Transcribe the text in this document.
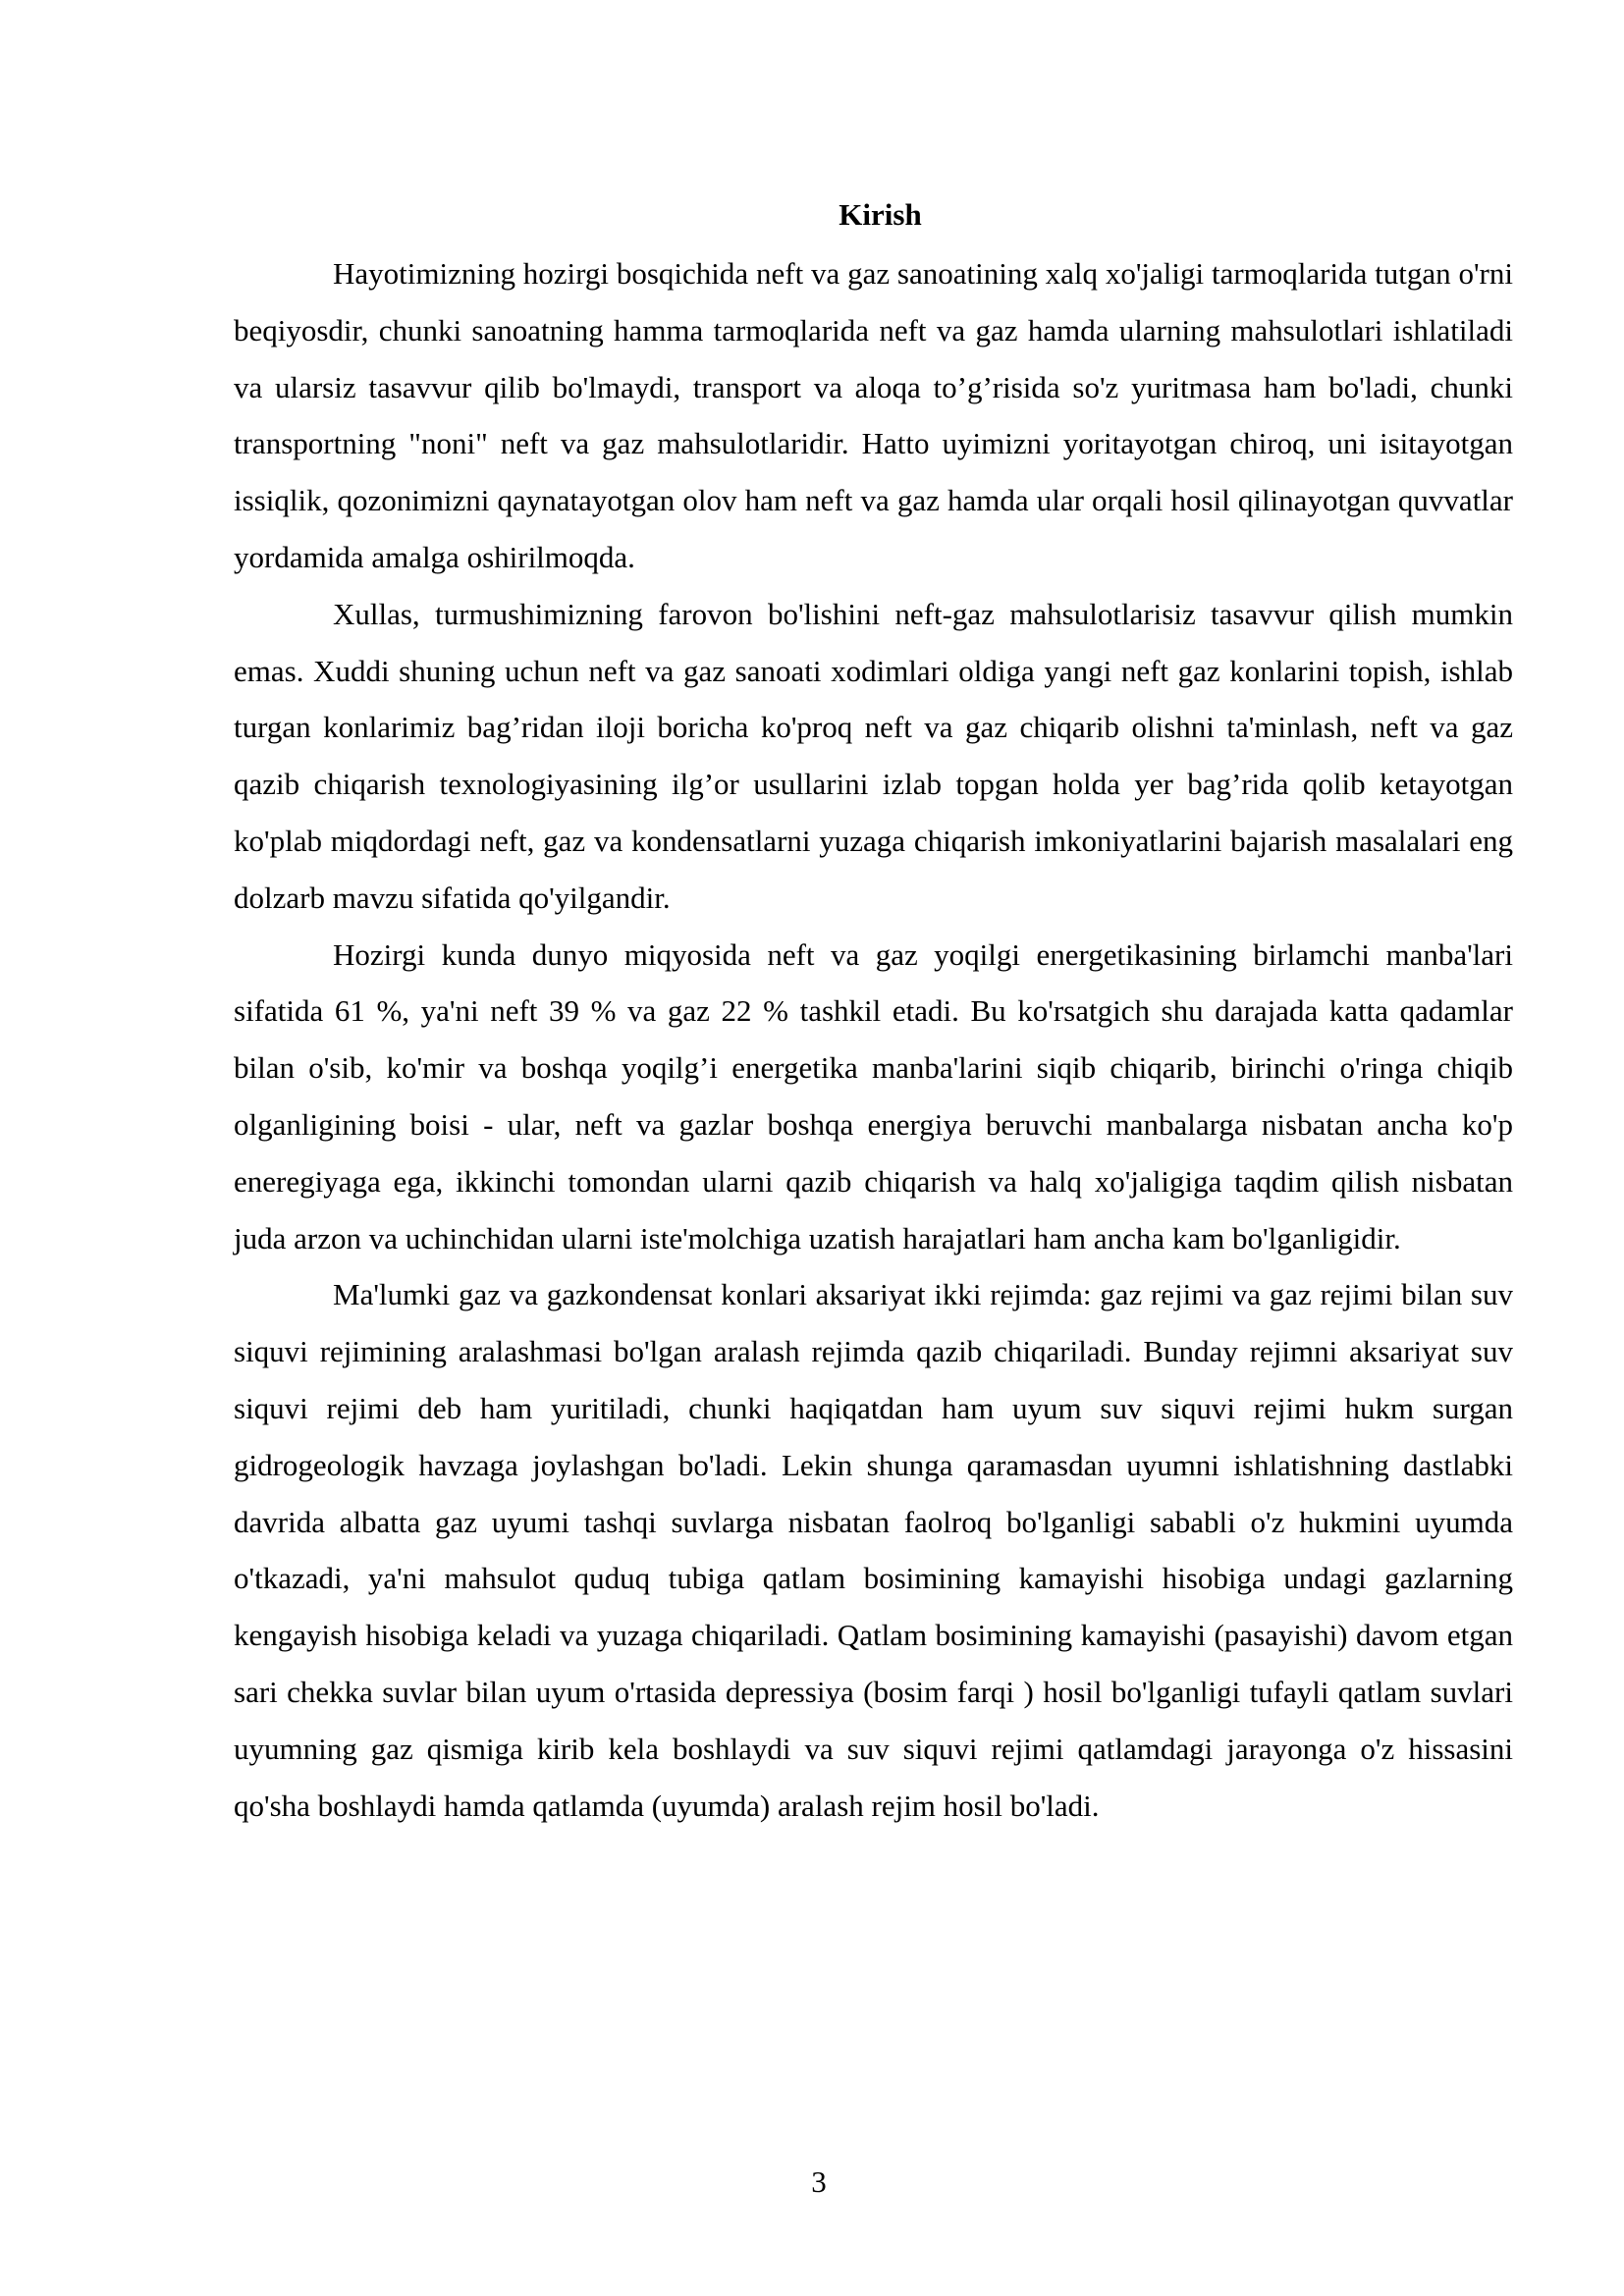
Kirish

Hayotimizning hozirgi bosqichida neft va gaz sanoatining xalq xo'jaligi tarmoqlarida tutgan o'rni beqiyosdir, chunki sanoatning hamma tarmoqlarida neft va gaz hamda ularning mahsulotlari ishlatiladi va ularsiz tasavvur qilib bo'lmaydi, transport va aloqa to’g’risida so'z yuritmasa ham bo'ladi, chunki transportning "noni" neft va gaz mahsulotlaridir. Hatto uyimizni yoritayotgan chiroq, uni isitayotgan issiqlik, qozonimizni qaynatayotgan olov ham neft va gaz hamda ular orqali hosil qilinayotgan quvvatlar yordamida amalga oshirilmoqda.

Xullas, turmushimizning farovon bo'lishini neft-gaz mahsulotlarisiz tasavvur qilish mumkin emas. Xuddi shuning uchun neft va gaz sanoati xodimlari oldiga yangi neft gaz konlarini topish, ishlab turgan konlarimiz bag’ridan iloji boricha ko'proq neft va gaz chiqarib olishni ta'minlash, neft va gaz qazib chiqarish texnologiyasining ilg’or usullarini izlab topgan holda yer bag’rida qolib ketayotgan ko'plab miqdordagi neft, gaz va kondensatlarni yuzaga chiqarish imkoniyatlarini bajarish masalalari eng dolzarb mavzu sifatida qo'yilgandir.

Hozirgi kunda dunyo miqyosida neft va gaz yoqilgi energetikasining birlamchi manba'lari sifatida 61 %, ya'ni neft 39 % va gaz 22 % tashkil etadi. Bu ko'rsatgich shu darajada katta qadamlar bilan o'sib, ko'mir va boshqa yoqilg’i energetika manba'larini siqib chiqarib, birinchi o'ringa chiqib olganligining boisi - ular, neft va gazlar boshqa energiya beruvchi manbalarga nisbatan ancha ko'p eneregiyaga ega, ikkinchi tomondan ularni qazib chiqarish va halq xo'jaligiga taqdim qilish nisbatan juda arzon va uchinchidan ularni iste'molchiga uzatish harajatlari ham ancha kam bo'lganligidir.

Ma'lumki gaz va gazkondensat konlari aksariyat ikki rejimda: gaz rejimi va gaz rejimi bilan suv siquvi rejimining aralashmasi bo'lgan aralash rejimda qazib chiqariladi. Bunday rejimni aksariyat suv siquvi rejimi deb ham yuritiladi, chunki haqiqatdan ham uyum suv siquvi rejimi hukm surgan gidrogeologik havzaga joylashgan bo'ladi. Lekin shunga qaramasdan uyumni ishlatishning dastlabki davrida albatta gaz uyumi tashqi suvlarga nisbatan faolroq bo'lganligi sababli o'z hukmini uyumda o'tkazadi, ya'ni mahsulot quduq tubiga qatlam bosimining kamayishi hisobiga undagi gazlarning kengayish hisobiga keladi va yuzaga chiqariladi. Qatlam bosimining kamayishi (pasayishi) davom etgan sari chekka suvlar bilan uyum o'rtasida depressiya (bosim farqi ) hosil bo'lganligi tufayli qatlam suvlari uyumning gaz qismiga kirib kela boshlaydi va suv siquvi rejimi qatlamdagi jarayonga o'z hissasini qo'sha boshlaydi hamda qatlamda (uyumda) aralash rejim hosil bo'ladi.

3
